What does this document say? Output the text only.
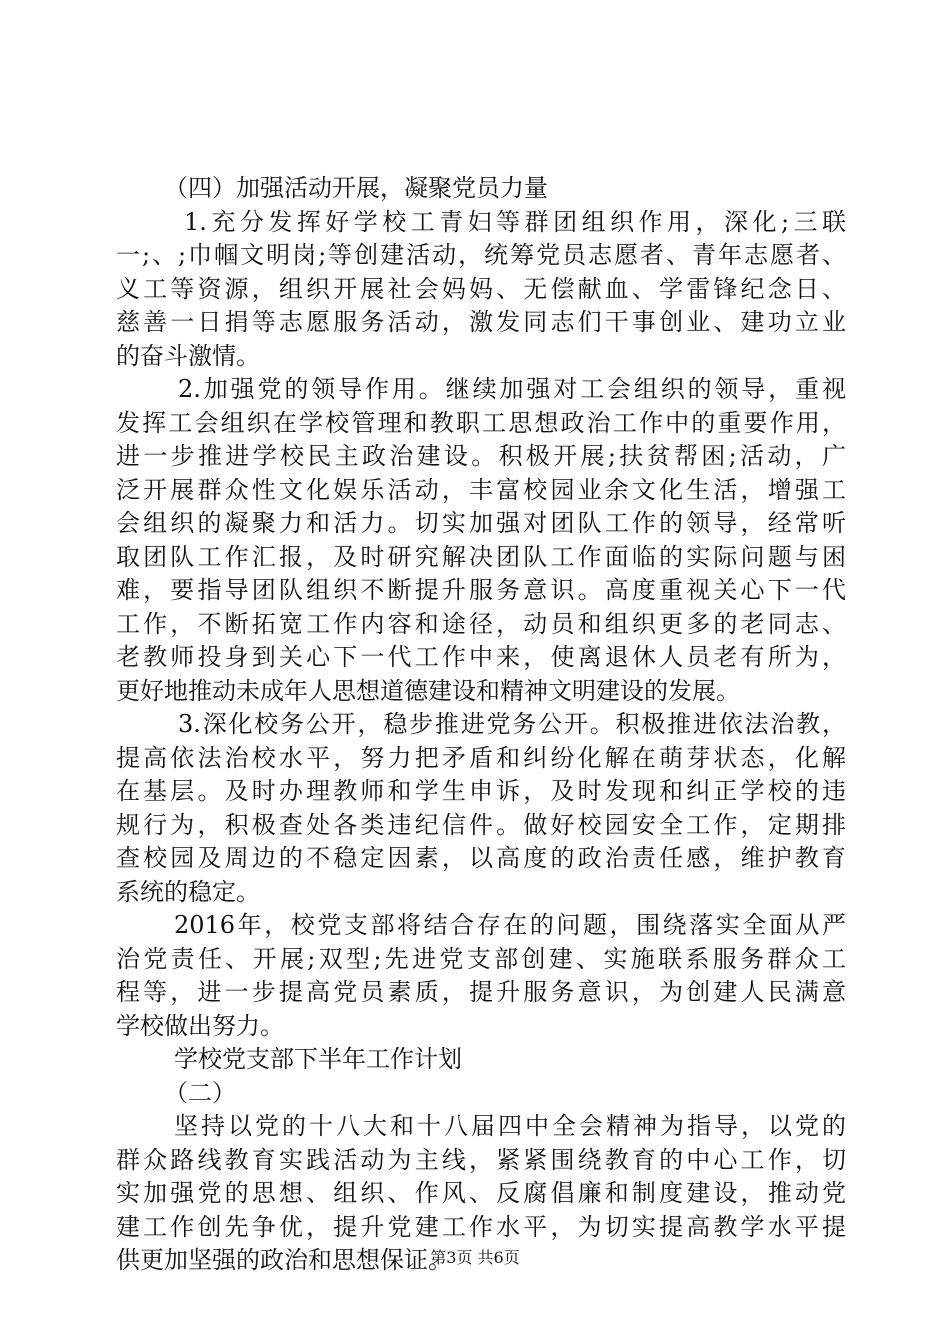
（四）加强活动开展，凝聚党员力量
1.充分发挥好学校工青妇等群团组织作用，深化;三联
一;、;巾帼文明岗;等创建活动，统筹党员志愿者、青年志愿者、
义工等资源，组织开展社会妈妈、无偿献血、学雷锋纪念日、
慈善一日捐等志愿服务活动，激发同志们干事创业、建功立业
的奋斗激情。
2.加强党的领导作用。继续加强对工会组织的领导，重视
发挥工会组织在学校管理和教职工思想政治工作中的重要作用，
进一步推进学校民主政治建设。积极开展;扶贫帮困;活动，广
泛开展群众性文化娱乐活动，丰富校园业余文化生活，增强工
会组织的凝聚力和活力。切实加强对团队工作的领导，经常听
取团队工作汇报，及时研究解决团队工作面临的实际问题与困
难，要指导团队组织不断提升服务意识。高度重视关心下一代
工作，不断拓宽工作内容和途径，动员和组织更多的老同志、
老教师投身到关心下一代工作中来，使离退休人员老有所为，
更好地推动未成年人思想道德建设和精神文明建设的发展。
3.深化校务公开，稳步推进党务公开。积极推进依法治教，
提高依法治校水平，努力把矛盾和纠纷化解在萌芽状态，化解
在基层。及时办理教师和学生申诉，及时发现和纠正学校的违
规行为，积极查处各类违纪信件。做好校园安全工作，定期排
查校园及周边的不稳定因素，以高度的政治责任感，维护教育
系统的稳定。
2016年，校党支部将结合存在的问题，围绕落实全面从严
治党责任、开展;双型;先进党支部创建、实施联系服务群众工
程等，进一步提高党员素质，提升服务意识，为创建人民满意
学校做出努力。
学校党支部下半年工作计划
（二）
坚持以党的十八大和十八届四中全会精神为指导，以党的
群众路线教育实践活动为主线，紧紧围绕教育的中心工作，切
实加强党的思想、组织、作风、反腐倡廉和制度建设，推动党
建工作创先争优，提升党建工作水平，为切实提高教学水平提
供更加坚强的政治和思想保证。
第3页 共6页
